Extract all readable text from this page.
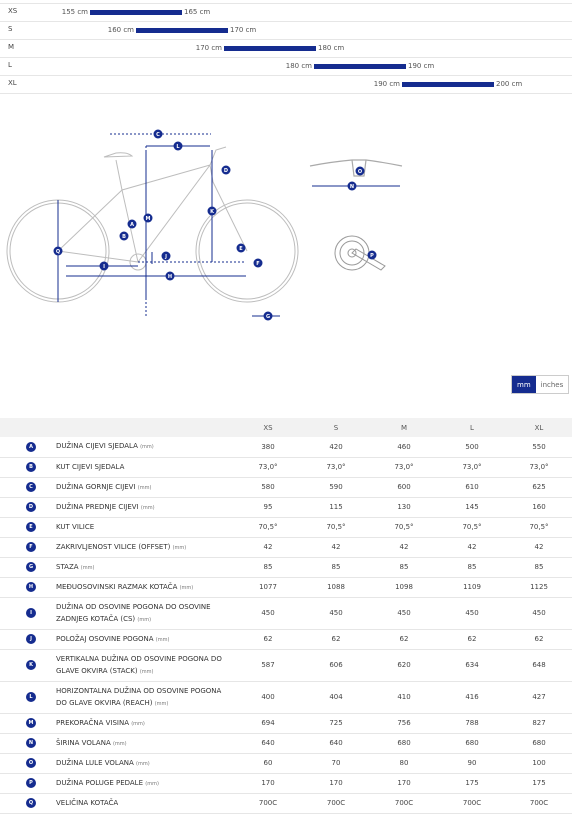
XS	155 cm	165 cm
S	160 cm	170 cm
M	170 cm	180 cm
L	180 cm	190 cm
XL	190 cm	200 cm
A
B
C
D
E
F
G
H
I
J
K
L
M
N
O
P
Q
mm	inches
		XS	S	M	L	XL
A	DUŽINA CIJEVI SJEDALA (mm)	380	420	460	500	550
B	KUT CIJEVI SJEDALA	73,0°	73,0°	73,0°	73,0°	73,0°
C	DUŽINA GORNJE CIJEVI (mm)	580	590	600	610	625
D	DUŽINA PREDNJE CIJEVI (mm)	95	115	130	145	160
E	KUT VILICE	70,5°	70,5°	70,5°	70,5°	70,5°
F	ZAKRIVLJENOST VILICE (OFFSET) (mm)	42	42	42	42	42
G	STAZA (mm)	85	85	85	85	85
H	MEĐUOSOVINSKI RAZMAK KOTAČA (mm)	1077	1088	1098	1109	1125
I	DUŽINA OD OSOVINE POGONA DO OSOVINE ZADNJEG KOTAČA (CS) (mm)	450	450	450	450	450
J	POLOŽAJ OSOVINE POGONA (mm)	62	62	62	62	62
K	VERTIKALNA DUŽINA OD OSOVINE POGONA DO GLAVE OKVIRA (STACK) (mm)	587	606	620	634	648
L	HORIZONTALNA DUŽINA OD OSOVINE POGONA DO GLAVE OKVIRA (REACH) (mm)	400	404	410	416	427
M	PREKORAČNA VISINA (mm)	694	725	756	788	827
N	ŠIRINA VOLANA (mm)	640	640	680	680	680
O	DUŽINA LULE VOLANA (mm)	60	70	80	90	100
P	DUŽINA POLUGE PEDALE (mm)	170	170	170	175	175
Q	VELIČINA KOTAČA	700C	700C	700C	700C	700C
